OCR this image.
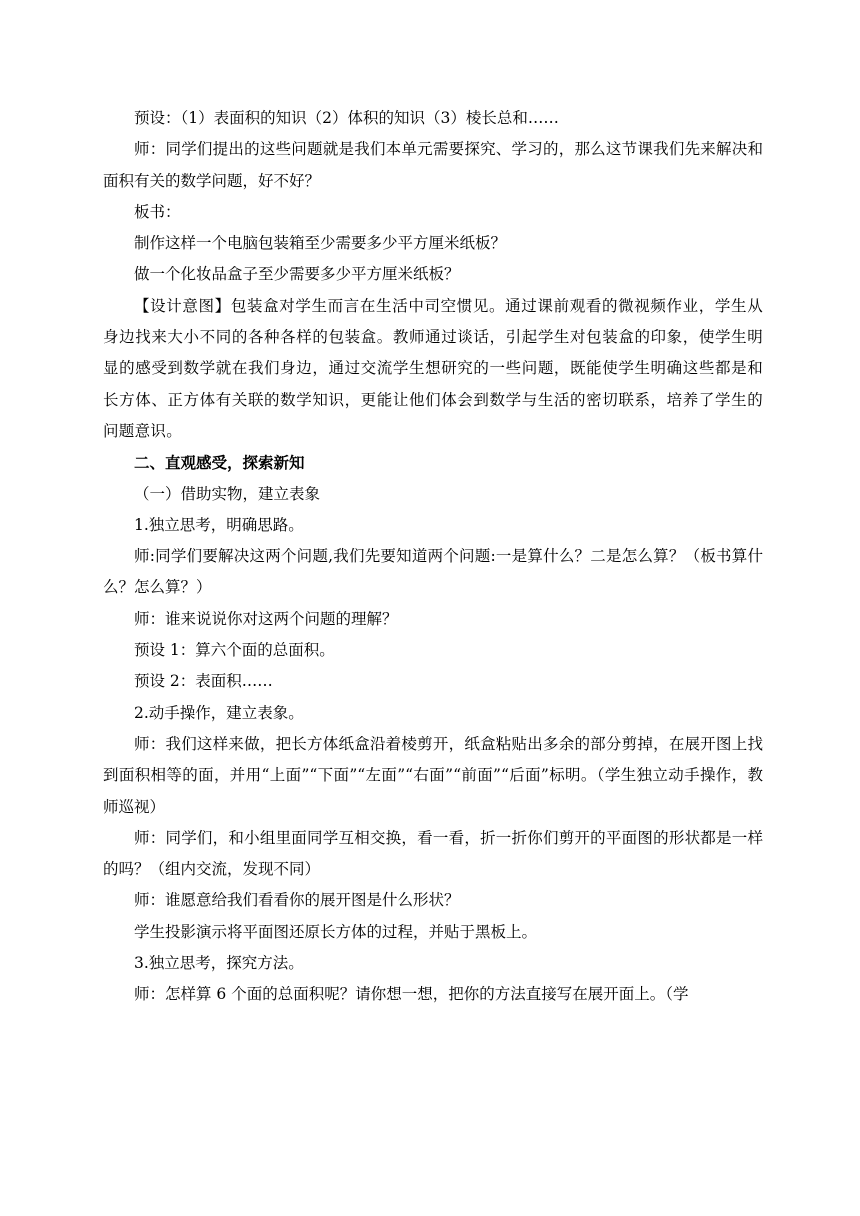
预设：（1）表面积的知识（2）体积的知识（3）棱长总和……

师：同学们提出的这些问题就是我们本单元需要探究、学习的，那么这节课我们先来解决和面积有关的数学问题，好不好？

板书：

制作这样一个电脑包装箱至少需要多少平方厘米纸板？

做一个化妆品盒子至少需要多少平方厘米纸板？

【设计意图】包装盒对学生而言在生活中司空惯见。通过课前观看的微视频作业，学生从身边找来大小不同的各种各样的包装盒。教师通过谈话，引起学生对包装盒的印象，使学生明显的感受到数学就在我们身边，通过交流学生想研究的一些问题，既能使学生明确这些都是和长方体、正方体有关联的数学知识，更能让他们体会到数学与生活的密切联系，培养了学生的问题意识。

二、直观感受，探索新知

（一）借助实物，建立表象

1.独立思考，明确思路。

师:同学们要解决这两个问题,我们先要知道两个问题:一是算什么？二是怎么算？（板书算什么？怎么算？）

师：谁来说说你对这两个问题的理解？

预设 1：算六个面的总面积。

预设 2：表面积……

2.动手操作，建立表象。

师：我们这样来做，把长方体纸盒沿着棱剪开，纸盒粘贴出多余的部分剪掉，在展开图上找到面积相等的面，并用“上面”“下面”“左面”“右面”“前面”“后面”标明。（学生独立动手操作，教师巡视）

师：同学们，和小组里面同学互相交换，看一看，折一折你们剪开的平面图的形状都是一样的吗？（组内交流，发现不同）

师：谁愿意给我们看看你的展开图是什么形状？

学生投影演示将平面图还原长方体的过程，并贴于黑板上。

3.独立思考，探究方法。

师：怎样算 6 个面的总面积呢？请你想一想，把你的方法直接写在展开面上。（学
